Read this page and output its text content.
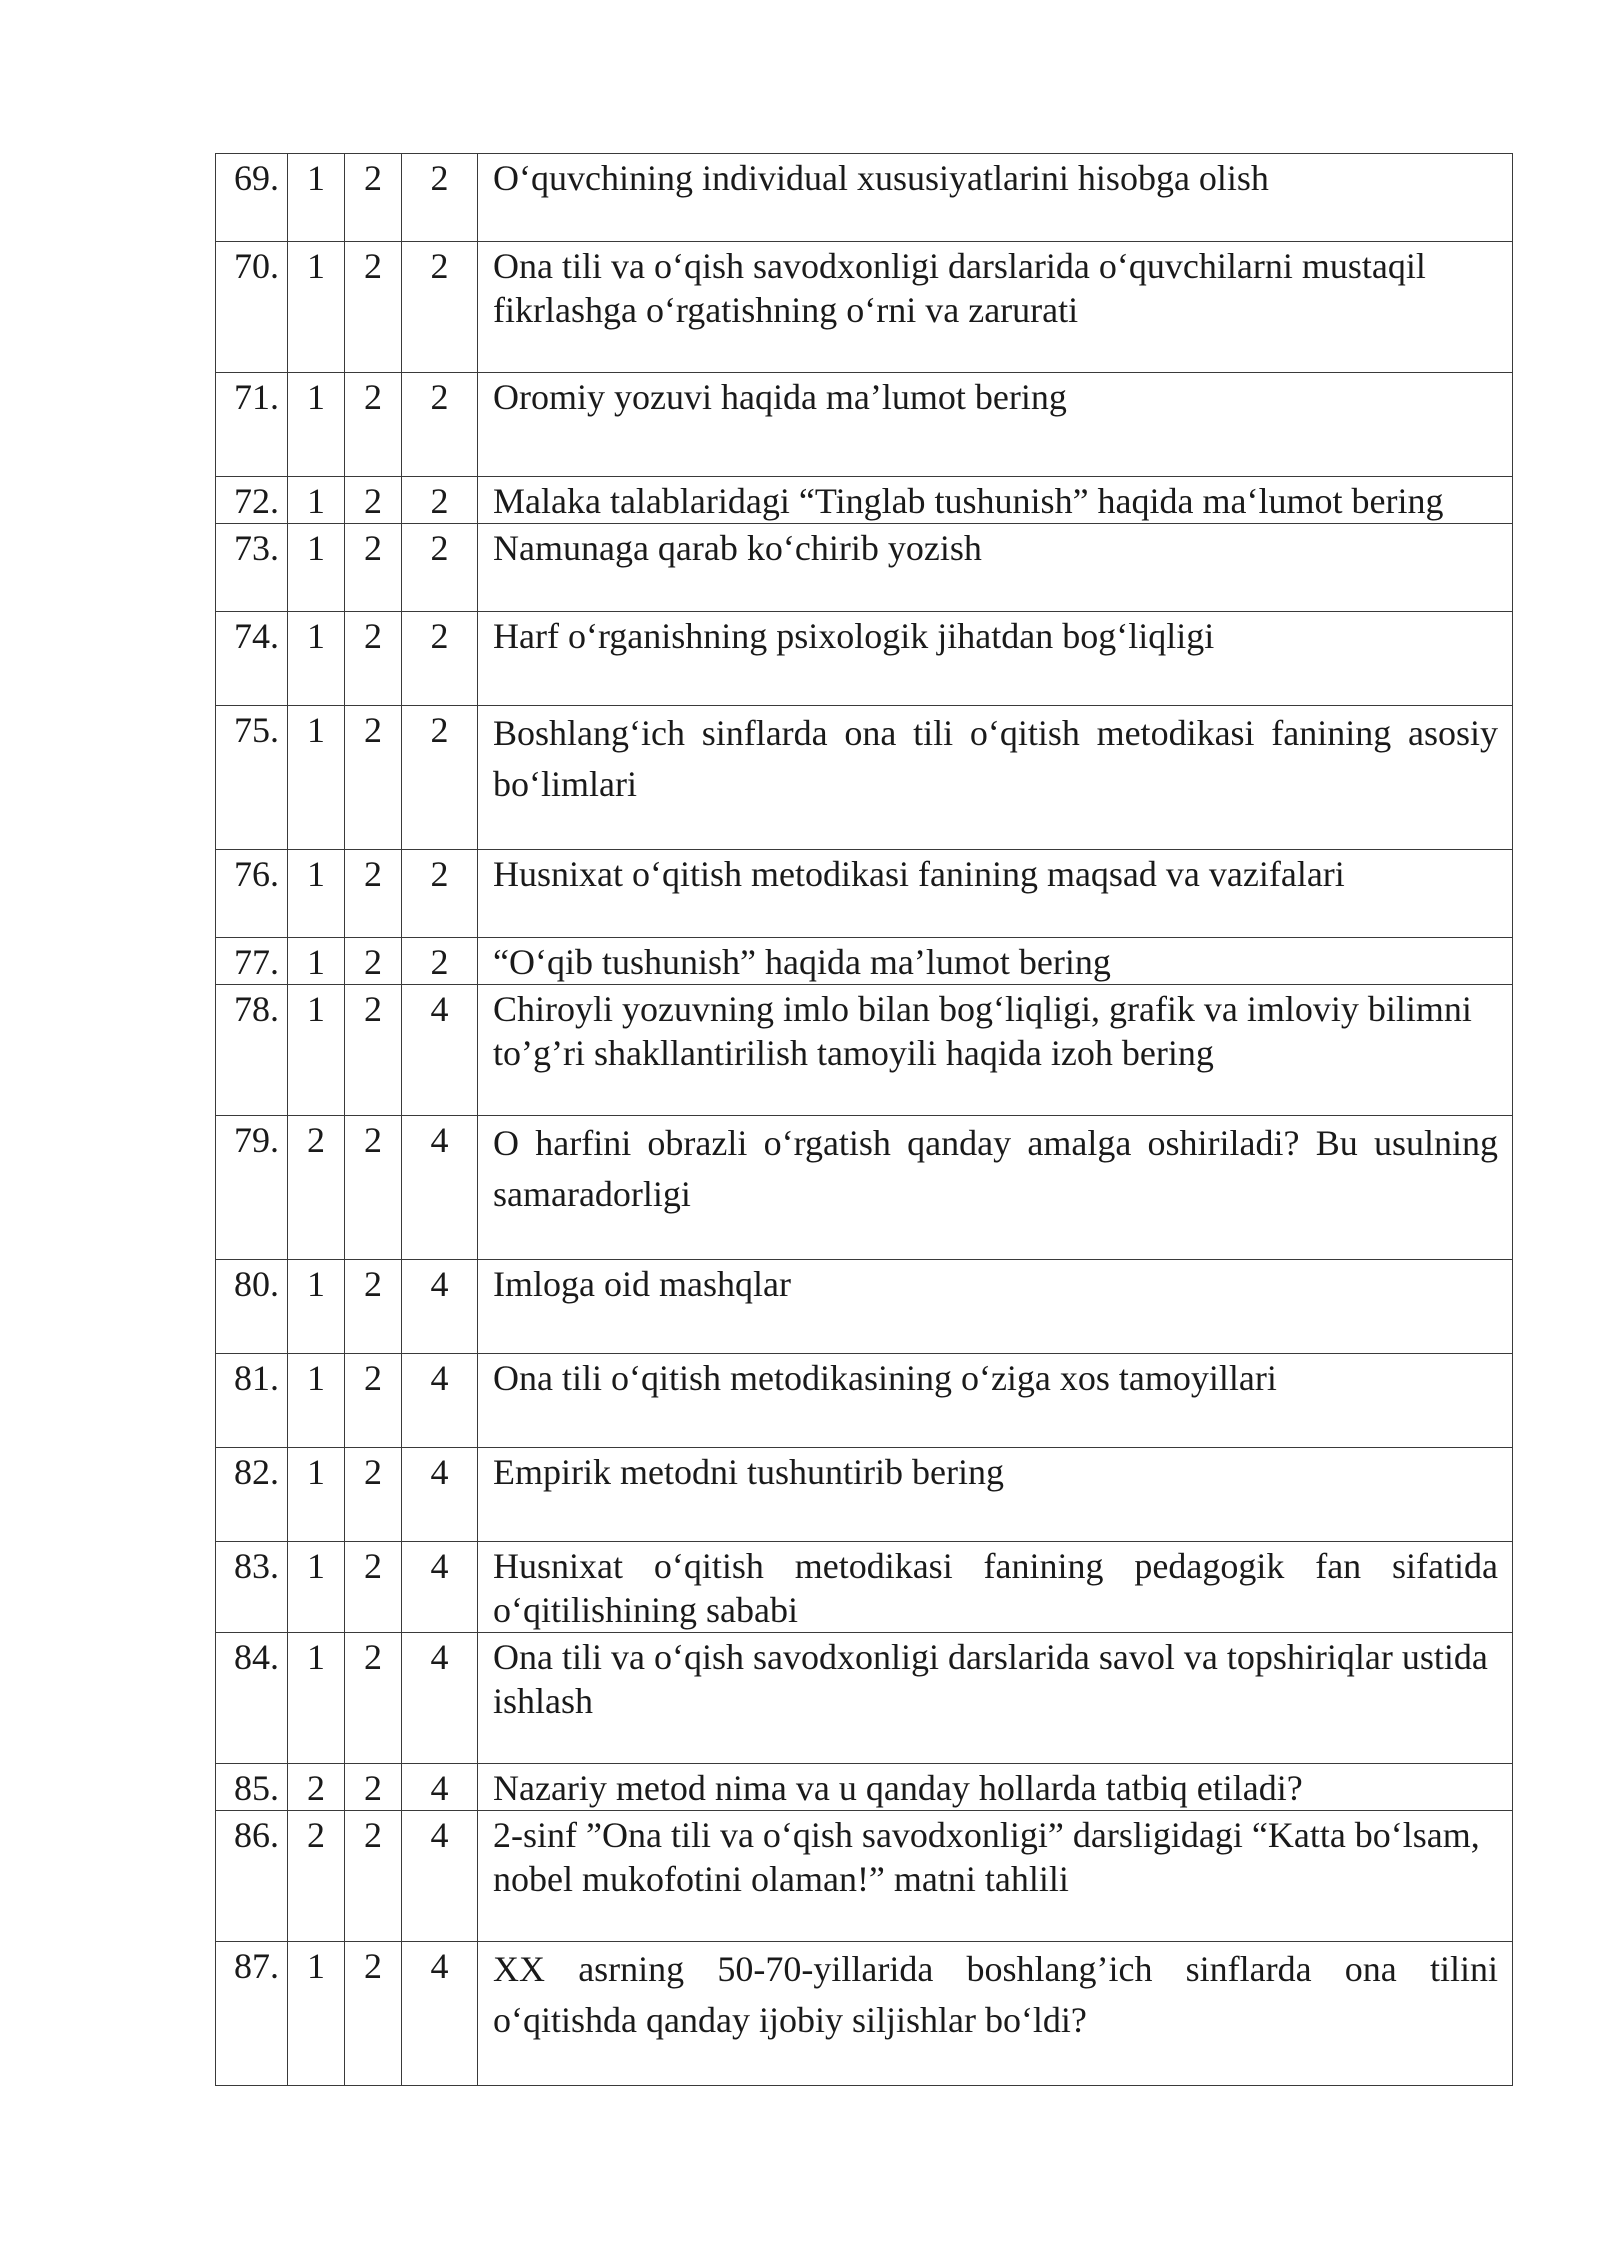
69.	1	2	2	O‘quvchining individual xususiyatlarini hisobga olish
70.	1	2	2	Ona tili va o‘qish savodxonligi darslarida o‘quvchilarni mustaqil fikrlashga o‘rgatishning o‘rni va zarurati
71.	1	2	2	Oromiy yozuvi haqida ma’lumot bering
72.	1	2	2	Malaka talablaridagi “Tinglab tushunish” haqida ma‘lumot bering
73.	1	2	2	Namunaga qarab ko‘chirib yozish
74.	1	2	2	Harf o‘rganishning psixologik jihatdan bog‘liqligi
75.	1	2	2	Boshlang‘ich sinflarda ona tili o‘qitish metodikasi fanining asosiy bo‘limlari
76.	1	2	2	Husnixat o‘qitish metodikasi fanining maqsad va vazifalari
77.	1	2	2	“O‘qib tushunish” haqida ma’lumot bering
78.	1	2	4	Chiroyli yozuvning imlo bilan bog‘liqligi, grafik va imloviy bilimni to’g’ri shakllantirilish tamoyili haqida izoh bering
79.	2	2	4	O harfini obrazli o‘rgatish qanday amalga oshiriladi? Bu usulning samaradorligi
80.	1	2	4	Imloga oid mashqlar
81.	1	2	4	Ona tili o‘qitish metodikasining o‘ziga xos tamoyillari
82.	1	2	4	Empirik metodni tushuntirib bering
83.	1	2	4	Husnixat o‘qitish metodikasi fanining pedagogik fan sifatida o‘qitilishining sababi
84.	1	2	4	Ona tili va o‘qish savodxonligi darslarida savol va topshiriqlar ustida ishlash
85.	2	2	4	Nazariy metod nima va u qanday hollarda tatbiq etiladi?
86.	2	2	4	2-sinf ”Ona tili va o‘qish savodxonligi” darsligidagi “Katta bo‘lsam, nobel mukofotini olaman!” matni tahlili
87.	1	2	4	XX asrning 50-70-yillarida boshlang’ich sinflarda ona tilini o‘qitishda qanday ijobiy siljishlar bo‘ldi?
